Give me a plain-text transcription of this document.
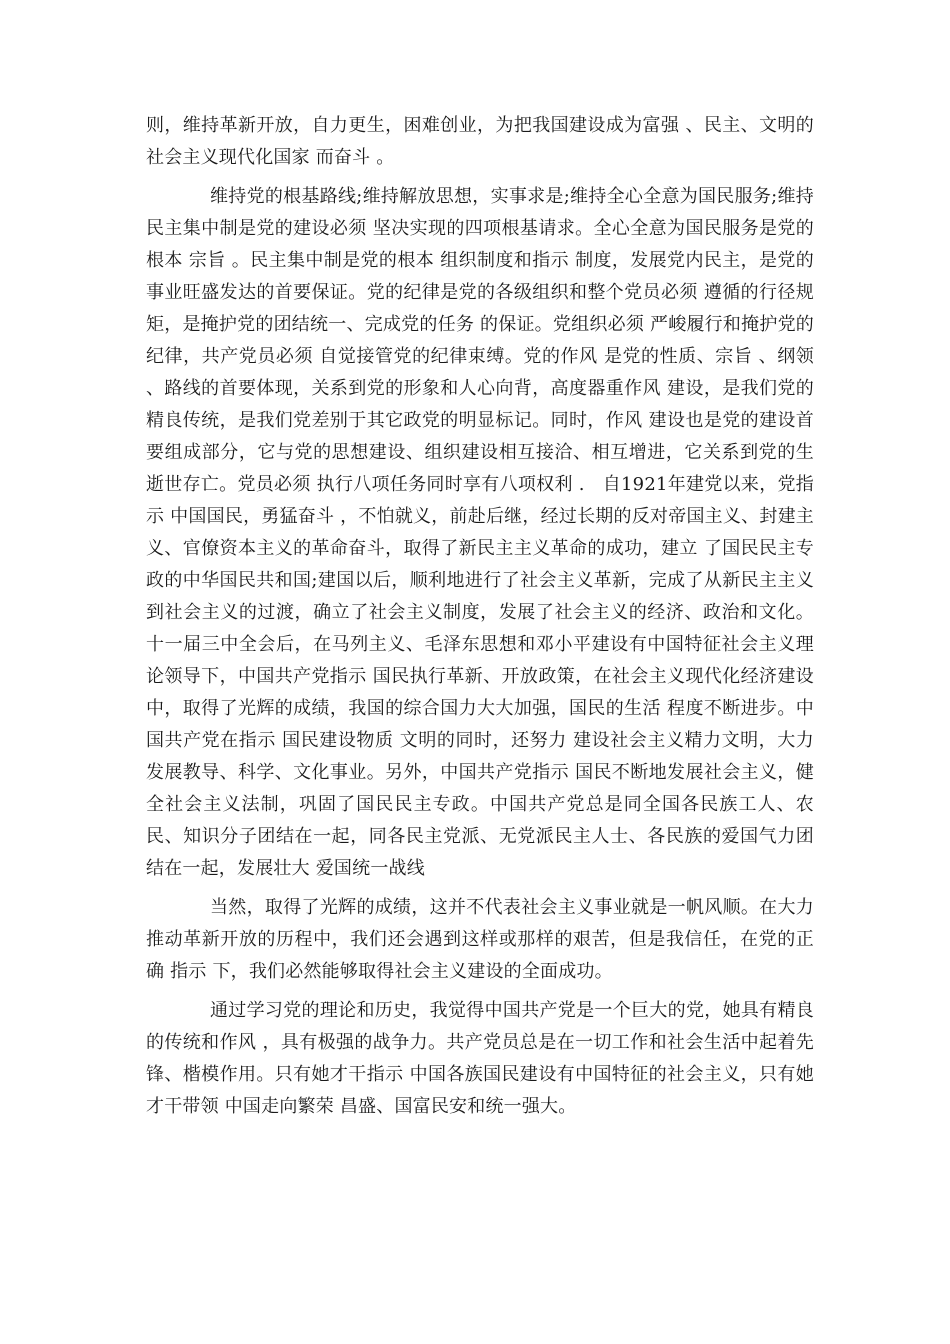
则，维持革新开放，自力更生，困难创业，为把我国建设成为富强 、民主、文明的社会主义现代化国家 而奋斗 。

维持党的根基路线;维持解放思想，实事求是;维持全心全意为国民服务;维持民主集中制是党的建设必须 坚决实现的四项根基请求。全心全意为国民服务是党的根本 宗旨 。民主集中制是党的根本 组织制度和指示 制度，发展党内民主，是党的事业旺盛发达的首要保证。党的纪律是党的各级组织和整个党员必须 遵循的行径规矩，是掩护党的团结统一、完成党的任务 的保证。党组织必须 严峻履行和掩护党的纪律，共产党员必须 自觉接管党的纪律束缚。党的作风 是党的性质、宗旨 、纲领 、路线的首要体现，关系到党的形象和人心向背，高度器重作风 建设，是我们党的精良传统，是我们党差别于其它政党的明显标记。同时，作风 建设也是党的建设首要组成部分，它与党的思想建设、组织建设相互接洽、相互增进，它关系到党的生逝世存亡。党员必须 执行八项任务同时享有八项权利 .   自1921年建党以来，党指示 中国国民，勇猛奋斗 ，不怕就义，前赴后继，经过长期的反对帝国主义、封建主义、官僚资本主义的革命奋斗，取得了新民主主义革命的成功，建立 了国民民主专政的中华国民共和国;建国以后，顺利地进行了社会主义革新，完成了从新民主主义到社会主义的过渡，确立了社会主义制度，发展了社会主义的经济、政治和文化。十一届三中全会后，在马列主义、毛泽东思想和邓小平建设有中国特征社会主义理论领导下，中国共产党指示 国民执行革新、开放政策，在社会主义现代化经济建设中，取得了光辉的成绩，我国的综合国力大大加强，国民的生活 程度不断进步。中国共产党在指示 国民建设物质 文明的同时，还努力 建设社会主义精力文明，大力发展教导、科学、文化事业。另外，中国共产党指示 国民不断地发展社会主义，健全社会主义法制，巩固了国民民主专政。中国共产党总是同全国各民族工人、农民、知识分子团结在一起，同各民主党派、无党派民主人士、各民族的爱国气力团结在一起，发展壮大 爱国统一战线

当然，取得了光辉的成绩，这并不代表社会主义事业就是一帆风顺。在大力推动革新开放的历程中，我们还会遇到这样或那样的艰苦，但是我信任，在党的正确 指示 下，我们必然能够取得社会主义建设的全面成功。

通过学习党的理论和历史，我觉得中国共产党是一个巨大的党，她具有精良的传统和作风 ，具有极强的战争力。共产党员总是在一切工作和社会生活中起着先锋、楷模作用。只有她才干指示 中国各族国民建设有中国特征的社会主义，只有她才干带领 中国走向繁荣 昌盛、国富民安和统一强大。
